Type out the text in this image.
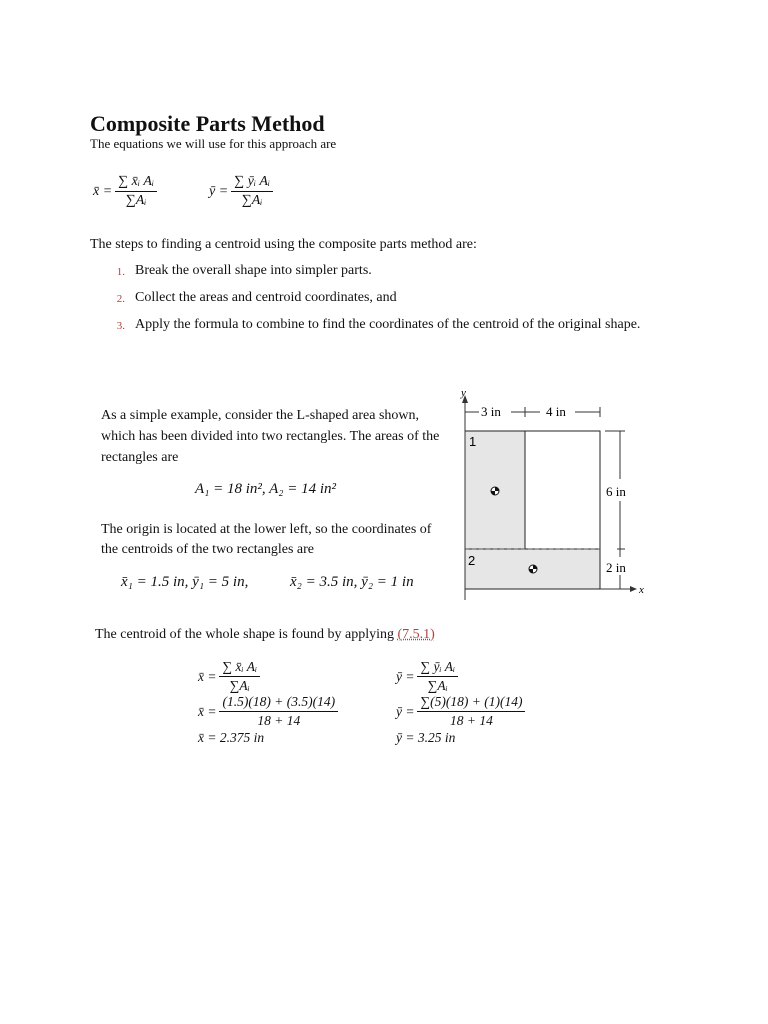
Composite Parts Method
The equations we will use for this approach are
x̄ = $\frac{\text{∑ x̄ᵢ Aᵢ}}{\text{∑Aᵢ}}$	ȳ = $\frac{\text{∑ ȳᵢ Aᵢ}}{\text{∑Aᵢ}}$
The steps to finding a centroid using the composite parts method are:
1. Break the overall shape into simpler parts.
2. Collect the areas and centroid coordinates, and
3. Apply the formula to combine to find the coordinates of the centroid of the original shape.
As a simple example, consider the L-shaped area shown, which has been divided into two rectangles. The areas of the rectangles are
A₁ = 18 in², A₂ = 14 in²
The origin is located at the lower left, so the coordinates of the centroids of the two rectangles are
x̄₁ = 1.5 in, ȳ₁ = 5 in,	x̄₂ = 3.5 in, ȳ₂ = 1 in
y
x
3 in	4 in
6 in
2 in
1
2
The centroid of the whole shape is found by applying (7.5.1)
x̄ = $\frac{\text{∑ x̄ᵢ Aᵢ}}{\text{∑Aᵢ}}$
x̄ = $\frac{(1.5)(18) + (3.5)(14)}{18 + 14}$
x̄ = 2.375 in
ȳ = $\frac{\text{∑ ȳᵢ Aᵢ}}{\text{∑Aᵢ}}$
ȳ = $\frac{\sum(5)(18) + (1)(14)}{18 + 14}$
ȳ = 3.25 in
